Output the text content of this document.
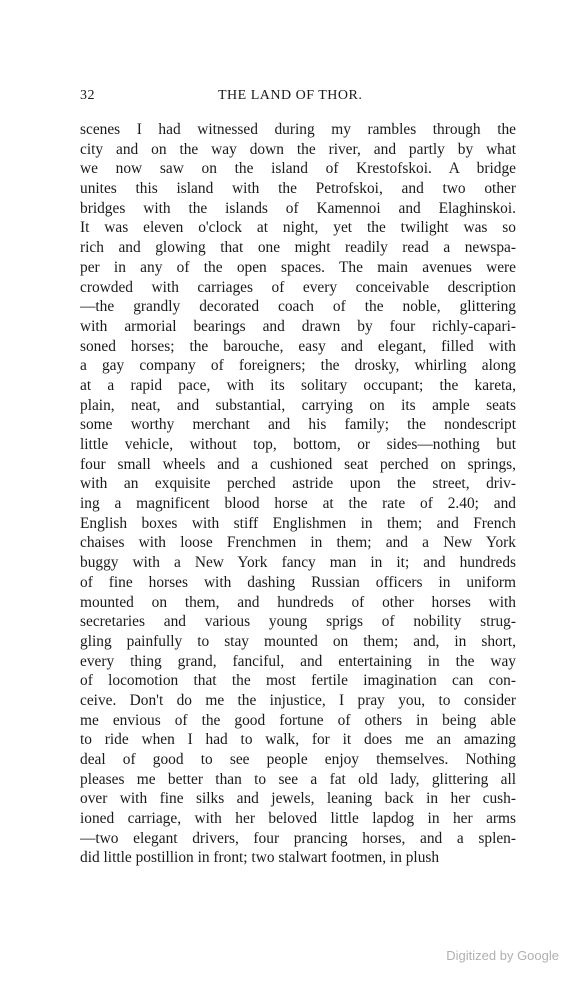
32	THE LAND OF THOR.
scenes I had witnessed during my rambles through the
city and on the way down the river, and partly by what
we now saw on the island of Krestofskoi. A bridge
unites this island with the Petrofskoi, and two other
bridges with the islands of Kamennoi and Elaghinskoi.
It was eleven o'clock at night, yet the twilight was so
rich and glowing that one might readily read a newspa-
per in any of the open spaces. The main avenues were
crowded with carriages of every conceivable description
—the grandly decorated coach of the noble, glittering
with armorial bearings and drawn by four richly-capari-
soned horses; the barouche, easy and elegant, filled with
a gay company of foreigners; the drosky, whirling along
at a rapid pace, with its solitary occupant; the kareta,
plain, neat, and substantial, carrying on its ample seats
some worthy merchant and his family; the nondescript
little vehicle, without top, bottom, or sides—nothing but
four small wheels and a cushioned seat perched on springs,
with an exquisite perched astride upon the street, driv-
ing a magnificent blood horse at the rate of 2.40; and
English boxes with stiff Englishmen in them; and French
chaises with loose Frenchmen in them; and a New York
buggy with a New York fancy man in it; and hundreds
of fine horses with dashing Russian officers in uniform
mounted on them, and hundreds of other horses with
secretaries and various young sprigs of nobility strug-
gling painfully to stay mounted on them; and, in short,
every thing grand, fanciful, and entertaining in the way
of locomotion that the most fertile imagination can con-
ceive. Don't do me the injustice, I pray you, to consider
me envious of the good fortune of others in being able
to ride when I had to walk, for it does me an amazing
deal of good to see people enjoy themselves. Nothing
pleases me better than to see a fat old lady, glittering all
over with fine silks and jewels, leaning back in her cush-
ioned carriage, with her beloved little lapdog in her arms
—two elegant drivers, four prancing horses, and a splen-
did little postillion in front; two stalwart footmen, in plush
Digitized by Google
